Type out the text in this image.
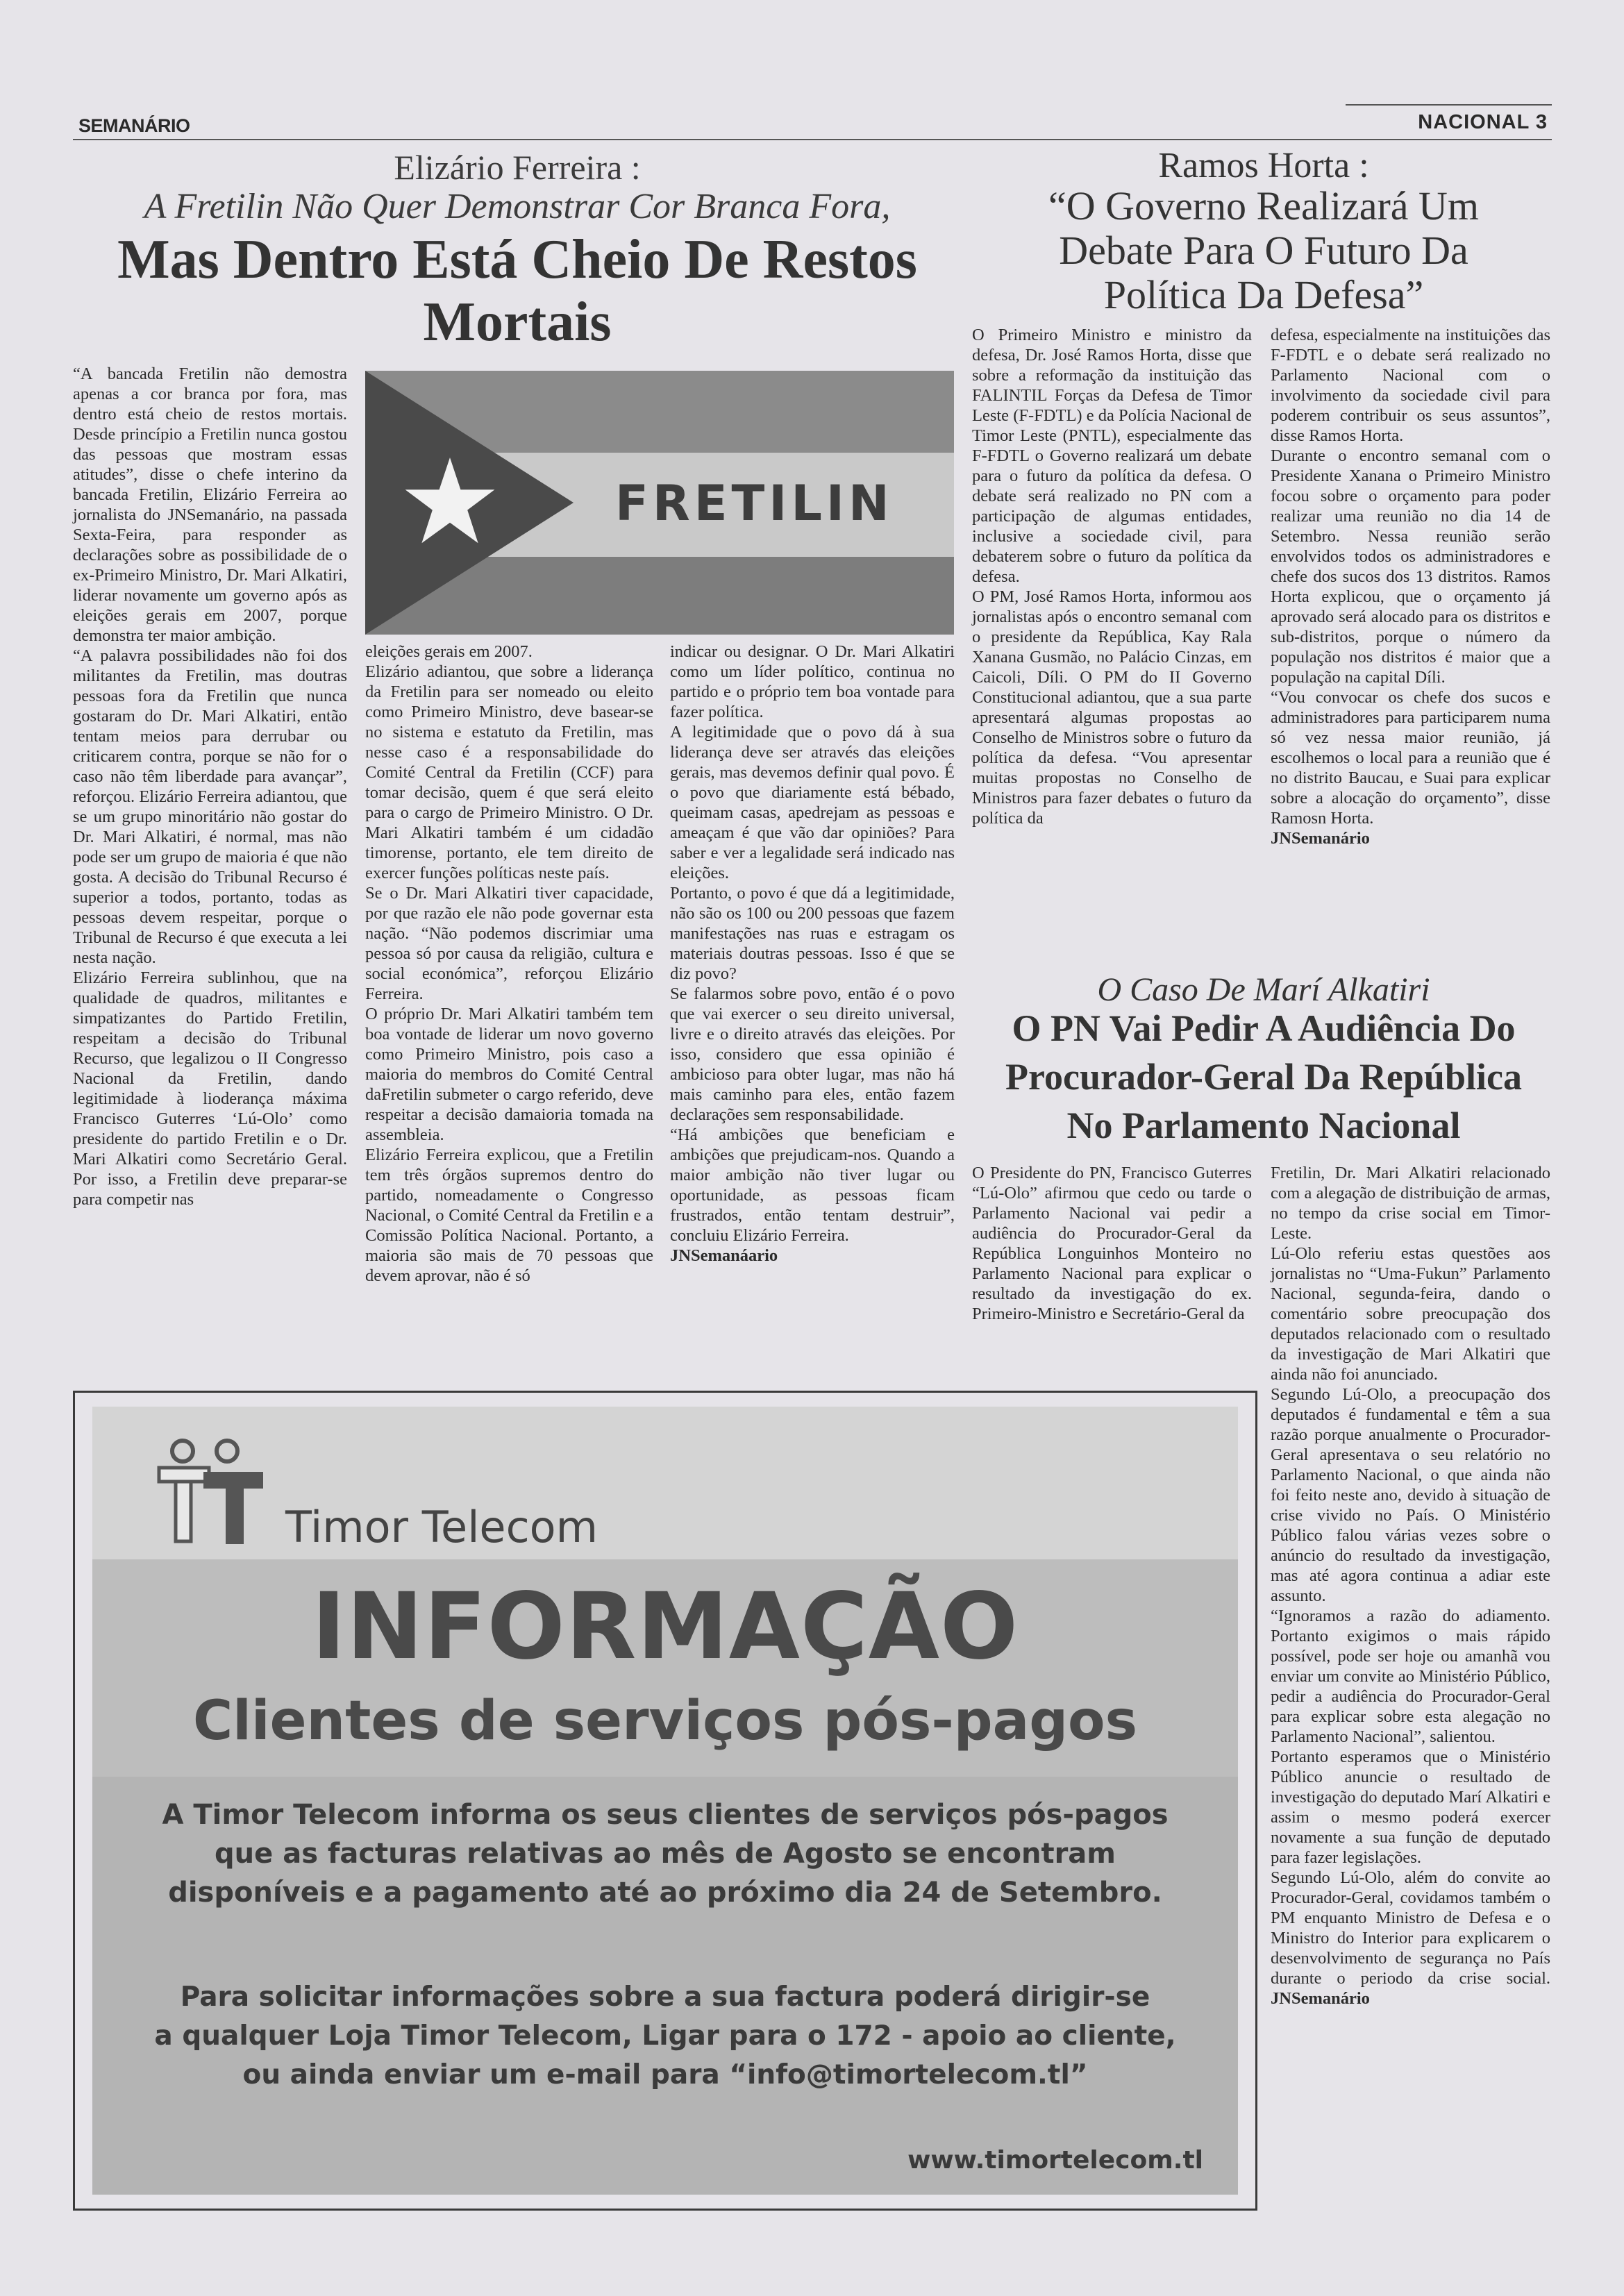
SEMANÁRIO	NACIONAL 3
Elizário Ferreira :
A Fretilin Não Quer Demonstrar Cor Branca Fora,
Mas Dentro Está Cheio De Restos
Mortais
FRETILIN

“A bancada Fretilin não demostra apenas a cor branca por fora, mas dentro está cheio de restos mortais. Desde princípio a Fretilin nunca gostou das pessoas que mostram essas atitudes”, disse o chefe interino da bancada Fretilin, Elizário Ferreira ao jornalista do JNSemanário, na passada Sexta-Feira, para responder as declarações sobre as possibilidade de o ex-Primeiro Ministro, Dr. Mari Alkatiri, liderar novamente um governo após as eleições gerais em 2007, porque demonstra ter maior ambição.

“A palavra possibilidades não foi dos militantes da Fretilin, mas doutras pessoas fora da Fretilin que nunca gostaram do Dr. Mari Alkatiri, então tentam meios para derrubar ou criticarem contra, porque se não for o caso não têm liberdade para avançar”, reforçou. Elizário Ferreira adiantou, que se um grupo minoritário não gostar do Dr. Mari Alkatiri, é normal, mas não pode ser um grupo de maioria é que não gosta. A decisão do Tribunal Recurso é superior a todos, portanto, todas as pessoas devem respeitar, porque o Tribunal de Recurso é que executa a lei nesta nação.

Elizário Ferreira sublinhou, que na qualidade de quadros, militantes e simpatizantes do Partido Fretilin, respeitam a decisão do Tribunal Recurso, que legalizou o II Congresso Nacional da Fretilin, dando legitimidade à lioderança máxima Francisco Guterres ‘Lú-Olo’ como presidente do partido Fretilin e o Dr. Mari Alkatiri como Secretário Geral. Por isso, a Fretilin deve preparar-se para competir nas

eleições gerais em 2007.

Elizário adiantou, que sobre a liderança da Fretilin para ser nomeado ou eleito como Primeiro Ministro, deve basear-se no sistema e estatuto da Fretilin, mas nesse caso é a responsabilidade do Comité Central da Fretilin (CCF) para tomar decisão, quem é que será eleito para o cargo de Primeiro Ministro. O Dr. Mari Alkatiri também é um cidadão timorense, portanto, ele tem direito de exercer funções políticas neste país.

Se o Dr. Mari Alkatiri tiver capacidade, por que razão ele não pode governar esta nação. “Não podemos discrimiar uma pessoa só por causa da religião, cultura e social económica”, reforçou Elizário Ferreira.

O próprio Dr. Mari Alkatiri também tem boa vontade de liderar um novo governo como Primeiro Ministro, pois caso a maioria do membros do Comité Central daFretilin submeter o cargo referido, deve respeitar a decisão damaioria tomada na assembleia.

Elizário Ferreira explicou, que a Fretilin tem três órgãos supremos dentro do partido, nomeadamente o Congresso Nacional, o Comité Central da Fretilin e a Comissão Política Nacional. Portanto, a maioria são mais de 70 pessoas que devem aprovar, não é só

indicar ou designar. O Dr. Mari Alkatiri como um líder político, continua no partido e o próprio tem boa vontade para fazer política.

A legitimidade que o povo dá à sua liderança deve ser através das eleições gerais, mas devemos definir qual povo. É o povo que diariamente está bébado, queimam casas, apedrejam as pessoas e ameaçam é que vão dar opiniões? Para saber e ver a legalidade será indicado nas eleições.

Portanto, o povo é que dá a legitimidade, não são os 100 ou 200 pessoas que fazem manifestações nas ruas e estragam os materiais doutras pessoas. Isso é que se diz povo?

Se falarmos sobre povo, então é o povo que vai exercer o seu direito universal, livre e o direito através das eleições. Por isso, considero que essa opinião é ambicioso para obter lugar, mas não há mais caminho para eles, então fazem declarações sem responsabilidade.

“Há ambições que beneficiam e ambições que prejudicam-nos. Quando a maior ambição não tiver lugar ou oportunidade, as pessoas ficam frustrados, então tentam destruir”, concluiu Elizário Ferreira.

JNSemanáario

Ramos Horta :
“O Governo Realizará Um
Debate Para O Futuro Da
Política Da Defesa”

O Primeiro Ministro e ministro da defesa, Dr. José Ramos Horta, disse que sobre a reformação da instituição das FALINTIL Forças da Defesa de Timor Leste (F-FDTL) e da Polícia Nacional de Timor Leste (PNTL), especialmente das F-FDTL o Governo realizará um debate para o futuro da política da defesa. O debate será realizado no PN com a participação de algumas entidades, inclusive a sociedade civil, para debaterem sobre o futuro da política da defesa.

O PM, José Ramos Horta, informou aos jornalistas após o encontro semanal com o presidente da República, Kay Rala Xanana Gusmão, no Palácio Cinzas, em Caicoli, Díli. O PM do II Governo Constitucional adiantou, que a sua parte apresentará algumas propostas ao Conselho de Ministros sobre o futuro da política da defesa. “Vou apresentar muitas propostas no Conselho de Ministros para fazer debates o futuro da política da

defesa, especialmente na instituições das F-FDTL e o debate será realizado no Parlamento Nacional com o involvimento da sociedade civil para poderem contribuir os seus assuntos”, disse Ramos Horta.

Durante o encontro semanal com o Presidente Xanana o Primeiro Ministro focou sobre o orçamento para poder realizar uma reunião no dia 14 de Setembro. Nessa reunião serão envolvidos todos os administradores e chefe dos sucos dos 13 distritos. Ramos Horta explicou, que o orçamento já aprovado será alocado para os distritos e sub-distritos, porque o número da população nos distritos é maior que a população na capital Díli.

“Vou convocar os chefe dos sucos e administradores para participarem numa só vez nessa maior reunião, já escolhemos o local para a reunião que é no distrito Baucau, e Suai para explicar sobre a alocação do orçamento”, disse Ramosn Horta.

JNSemanário

O Caso De Marí Alkatiri
O PN Vai Pedir A Audiência Do
Procurador-Geral Da República
No Parlamento Nacional

O Presidente do PN, Francisco Guterres “Lú-Olo” afirmou que cedo ou tarde o Parlamento Nacional vai pedir a audiência do Procurador-Geral da República Longuinhos Monteiro no Parlamento Nacional para explicar o resultado da investigação do ex. Primeiro-Ministro e Secretário-Geral da

Fretilin, Dr. Mari Alkatiri relacionado com a alegação de distribuição de armas, no tempo da crise social em Timor-Leste.

Lú-Olo referiu estas questões aos jornalistas no “Uma-Fukun” Parlamento Nacional, segunda-feira, dando o comentário sobre preocupação dos deputados relacionado com o resultado da investigação de Mari Alkatiri que ainda não foi anunciado.

Segundo Lú-Olo, a preocupação dos deputados é fundamental e têm a sua razão porque anualmente o Procurador-Geral apresentava o seu relatório no Parlamento Nacional, o que ainda não foi feito neste ano, devido à situação de crise vivido no País. O Ministério Público falou várias vezes sobre o anúncio do resultado da investigação, mas até agora continua a adiar este assunto.

“Ignoramos a razão do adiamento. Portanto exigimos o mais rápido possível, pode ser hoje ou amanhã vou enviar um convite ao Ministério Público, pedir a audiência do Procurador-Geral para explicar sobre esta alegação no Parlamento Nacional”, salientou.

Portanto esperamos que o Ministério Público anuncie o resultado de investigação do deputado Marí Alkatiri e assim o mesmo poderá exercer novamente a sua função de deputado para fazer legislações.

Segundo Lú-Olo, além do convite ao Procurador-Geral, covidamos também o PM enquanto Ministro de Defesa e o Ministro do Interior para explicarem o desenvolvimento de segurança no País durante o periodo da crise social. JNSemanário

Timor Telecom
INFORMAÇÃO
Clientes de serviços pós-pagos
A Timor Telecom informa os seus clientes de serviços pós-pagos
que as facturas relativas ao mês de Agosto se encontram
disponíveis e a pagamento até ao próximo dia 24 de Setembro.
Para solicitar informações sobre a sua factura poderá dirigir-se
a qualquer Loja Timor Telecom, Ligar para o 172 - apoio ao cliente,
ou ainda enviar um e-mail para “info@timortelecom.tl”
www.timortelecom.tl
